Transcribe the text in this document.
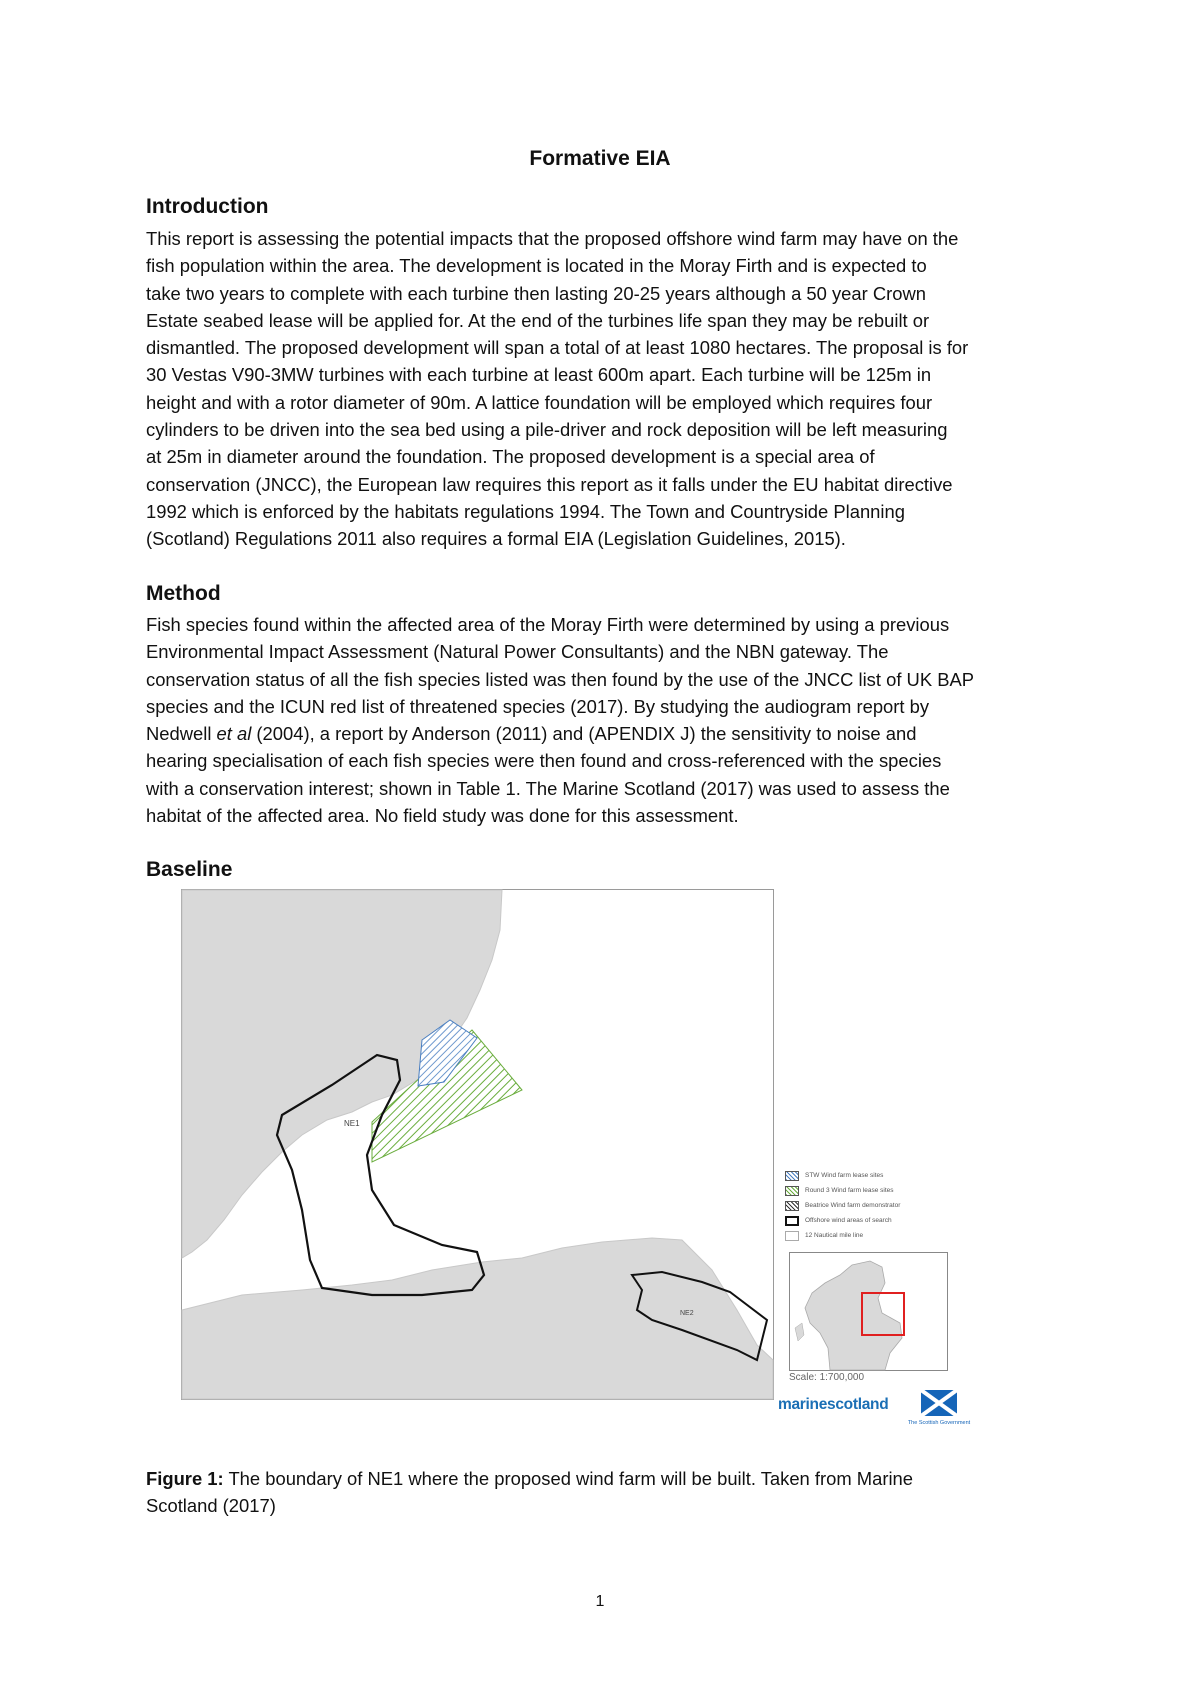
Formative EIA
Introduction

This report is assessing the potential impacts that the proposed offshore wind farm may have on the
fish population within the area. The development is located in the Moray Firth and is expected to
take two years to complete with each turbine then lasting 20-25 years although a 50 year Crown
Estate seabed lease will be applied for. At the end of the turbines life span they may be rebuilt or
dismantled. The proposed development will span a total of at least 1080 hectares. The proposal is for
30 Vestas V90-3MW turbines with each turbine at least 600m apart. Each turbine will be 125m in
height and with a rotor diameter of 90m. A lattice foundation will be employed which requires four
cylinders to be driven into the sea bed using a pile-driver and rock deposition will be left measuring
at 25m in diameter around the foundation. The proposed development is a special area of
conservation (JNCC), the European law requires this report as it falls under the EU habitat directive
1992 which is enforced by the habitats regulations 1994. The Town and Countryside Planning
(Scotland) Regulations 2011 also requires a formal EIA (Legislation Guidelines, 2015).

Method

Fish species found within the affected area of the Moray Firth were determined by using a previous
Environmental Impact Assessment (Natural Power Consultants) and the NBN gateway. The
conservation status of all the fish species listed was then found by the use of the JNCC list of UK BAP
species and the ICUN red list of threatened species (2017). By studying the audiogram report by
Nedwell et al (2004), a report by Anderson (2011) and (APENDIX J) the sensitivity to noise and
hearing specialisation of each fish species were then found and cross-referenced with the species
with a conservation interest; shown in Table 1. The Marine Scotland (2017) was used to assess the
habitat of the affected area. No field study was done for this assessment.

Baseline
NE1
NE2
STW Wind farm lease sites
Round 3 Wind farm lease sites
Beatrice Wind farm demonstrator
Offshore wind areas of search
12 Nautical mile line
Scale: 1:700,000
marinescotland
The Scottish Government

Figure 1: The boundary of NE1 where the proposed wind farm will be built. Taken from Marine
Scotland (2017)

1
